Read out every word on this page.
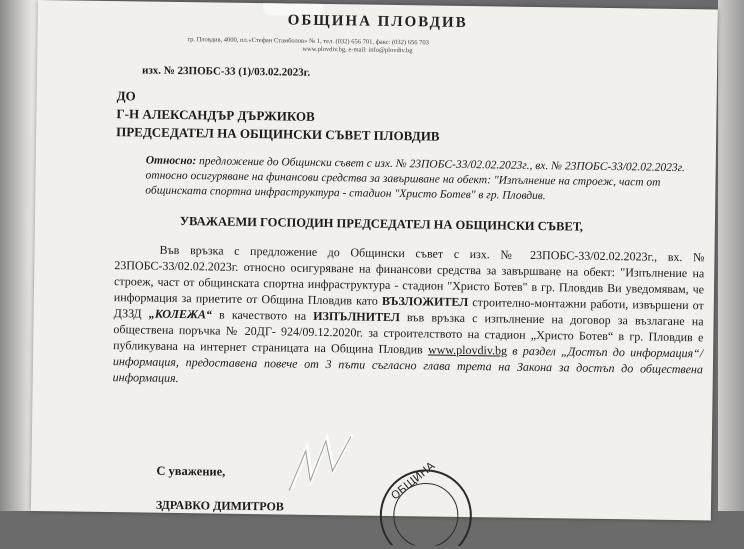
ОБЩИНА ПЛОВДИВ
гр. Пловдив, 4000, пл.«Стефан Стамболов» № 1, тел. (032) 656 701, факс: (032) 656 703
www.plovdiv.bg, e-mail: info@plovdiv.bg
изх. № 23ПОБС-33 (1)/03.02.2023г.
ДО
Г-Н АЛЕКСАНДЪР ДЪРЖИКОВ
ПРЕДСЕДАТЕЛ НА ОБЩИНСКИ СЪВЕТ ПЛОВДИВ
Относно: предложение до Общински съвет с изх. № 23ПОБС-33/02.02.2023г., вх. № 23ПОБС-33/02.02.2023г. относно осигуряване на финансови средства за завършване на обект: "Изпълнение на строеж, част от общинската спортна инфраструктура - стадион "Христо Ботев" в гр. Пловдив.
УВАЖАЕМИ ГОСПОДИН ПРЕДСЕДАТЕЛ НА ОБЩИНСКИ СЪВЕТ,

Във връзка с предложение до Общински съвет с изх. № 23ПОБС-33/02.02.2023г., вх. № 23ПОБС-33/02.02.2023г. относно осигуряване на финансови средства за завършване на обект: "Изпълнение на строеж, част от общинската спортна инфраструктура - стадион "Христо Ботев" в гр. Пловдив Ви уведомявам, че информация за приетите от Община Пловдив като ВЪЗЛОЖИТЕЛ строително-монтажни работи, извършени от ДЗЗД „КОЛЕЖА“ в качеството на ИЗПЪЛНИТЕЛ във връзка с изпълнение на договор за възлагане на обществена поръчка № 20ДГ- 924/09.12.2020г. за строителството на стадион „Христо Ботев“ в гр. Пловдив е публикувана на интернет страницата на Община Пловдив www.plovdiv.bg в раздел „Достъп до информация“/информация, предоставена повече от 3 пъти съгласно глава трета на Закона за достъп до обществена информация.

С уважение,
ЗДРАВКО ДИМИТРОВ
ОБЩИНА
